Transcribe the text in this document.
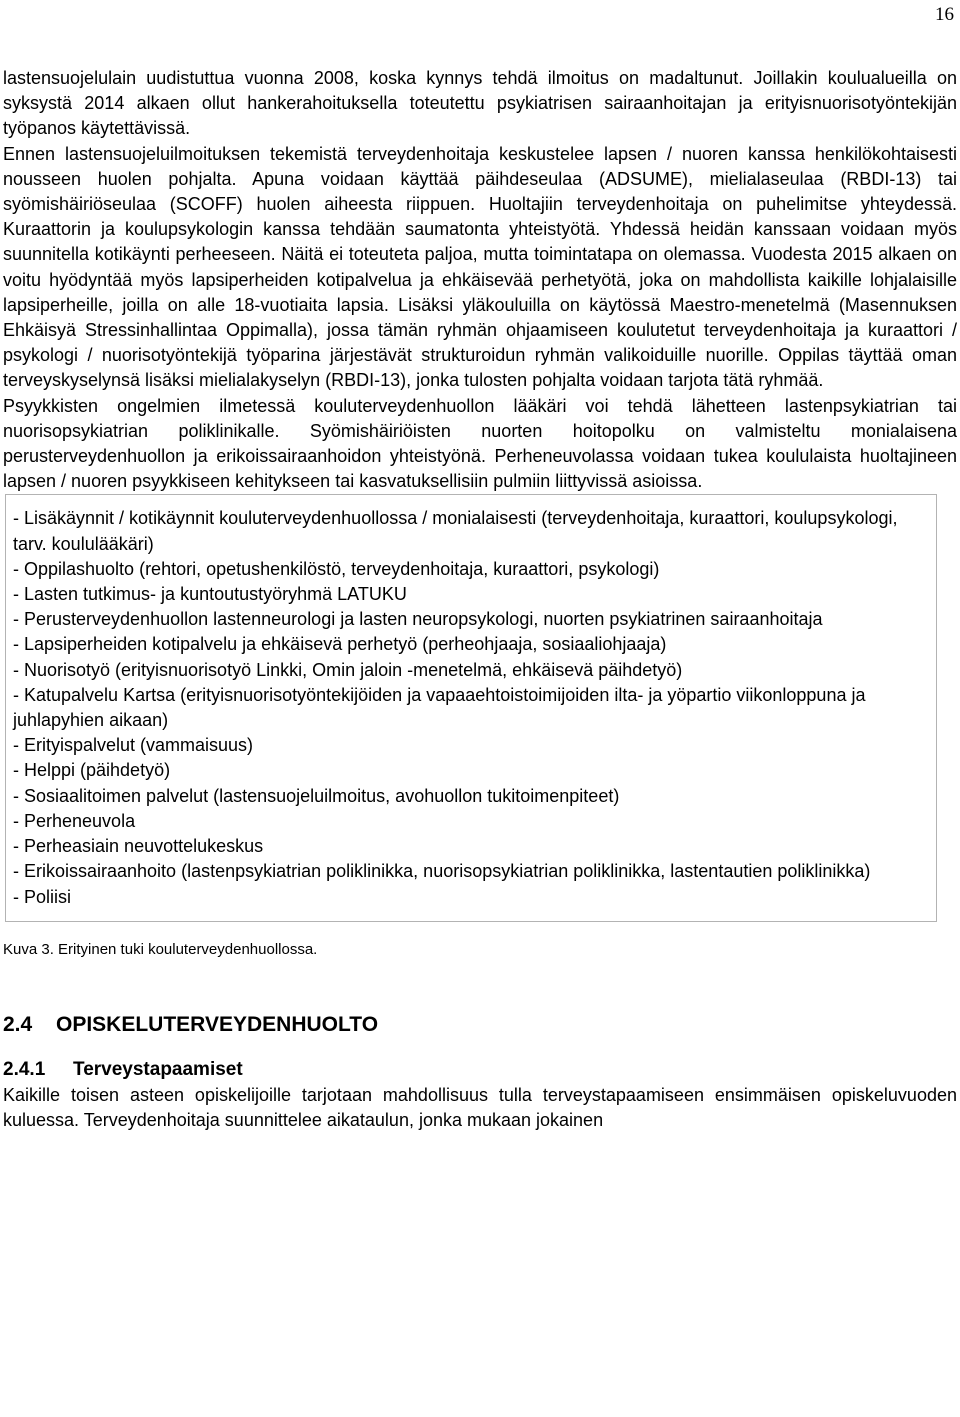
16

lastensuojelulain uudistuttua vuonna 2008, koska kynnys tehdä ilmoitus on madaltunut. Joillakin koulualueilla on syksystä 2014 alkaen ollut hankerahoituksella toteutettu psykiatrisen sairaanhoitajan ja erityisnuorisotyöntekijän työpanos käytettävissä.

Ennen lastensuojeluilmoituksen tekemistä terveydenhoitaja keskustelee lapsen / nuoren kanssa henkilökohtaisesti nousseen huolen pohjalta. Apuna voidaan käyttää päihdeseulaa (ADSUME), mielialaseulaa (RBDI-13) tai syömishäiriöseulaa (SCOFF) huolen aiheesta riippuen. Huoltajiin terveydenhoitaja on puhelimitse yhteydessä. Kuraattorin ja koulupsykologin kanssa tehdään saumatonta yhteistyötä. Yhdessä heidän kanssaan voidaan myös suunnitella kotikäynti perheeseen. Näitä ei toteuteta paljoa, mutta toimintatapa on olemassa. Vuodesta 2015 alkaen on voitu hyödyntää myös lapsiperheiden kotipalvelua ja ehkäisevää perhetyötä, joka on mahdollista kaikille lohjalaisille lapsiperheille, joilla on alle 18-vuotiaita lapsia. Lisäksi yläkouluilla on käytössä Maestro-menetelmä (Masennuksen Ehkäisyä Stressinhallintaa Oppimalla), jossa tämän ryhmän ohjaamiseen koulutetut terveydenhoitaja ja kuraattori / psykologi / nuorisotyöntekijä työparina järjestävät strukturoidun ryhmän valikoiduille nuorille. Oppilas täyttää oman terveyskyselynsä lisäksi mielialakyselyn (RBDI-13), jonka tulosten pohjalta voidaan tarjota tätä ryhmää.

Psyykkisten ongelmien ilmetessä kouluterveydenhuollon lääkäri voi tehdä lähetteen lastenpsykiatrian tai nuorisopsykiatrian poliklinikalle. Syömishäiriöisten nuorten hoitopolku on valmisteltu monialaisena perusterveydenhuollon ja erikoissairaanhoidon yhteistyönä. Perheneuvolassa voidaan tukea koululaista huoltajineen lapsen / nuoren psyykkiseen kehitykseen tai kasvatuksellisiin pulmiin liittyvissä asioissa.

- Lisäkäynnit / kotikäynnit kouluterveydenhuollossa / monialaisesti (terveydenhoitaja, kuraattori, koulupsykologi, tarv. koululääkäri)

- Oppilashuolto (rehtori, opetushenkilöstö, terveydenhoitaja, kuraattori, psykologi)

- Lasten tutkimus- ja kuntoutustyöryhmä LATUKU

- Perusterveydenhuollon lastenneurologi ja lasten neuropsykologi, nuorten psykiatrinen sairaanhoitaja

- Lapsiperheiden kotipalvelu ja ehkäisevä perhetyö (perheohjaaja, sosiaaliohjaaja)

- Nuorisotyö (erityisnuorisotyö Linkki, Omin jaloin -menetelmä, ehkäisevä päihdetyö)

- Katupalvelu Kartsa (erityisnuorisotyöntekijöiden ja vapaaehtoistoimijoiden ilta- ja yöpartio viikonloppuna ja juhlapyhien aikaan)

- Erityispalvelut (vammaisuus)

- Helppi (päihdetyö)

- Sosiaalitoimen palvelut (lastensuojeluilmoitus, avohuollon tukitoimenpiteet)

- Perheneuvola

- Perheasiain neuvottelukeskus

- Erikoissairaanhoito (lastenpsykiatrian poliklinikka, nuorisopsykiatrian poliklinikka, lastentautien poliklinikka)

- Poliisi

Kuva 3. Erityinen tuki kouluterveydenhuollossa.
2.4 OPISKELUTERVEYDENHUOLTO
2.4.1 Terveystapaamiset

Kaikille toisen asteen opiskelijoille tarjotaan mahdollisuus tulla terveystapaamiseen ensimmäisen opiskeluvuoden kuluessa. Terveydenhoitaja suunnittelee aikataulun, jonka mukaan jokainen
